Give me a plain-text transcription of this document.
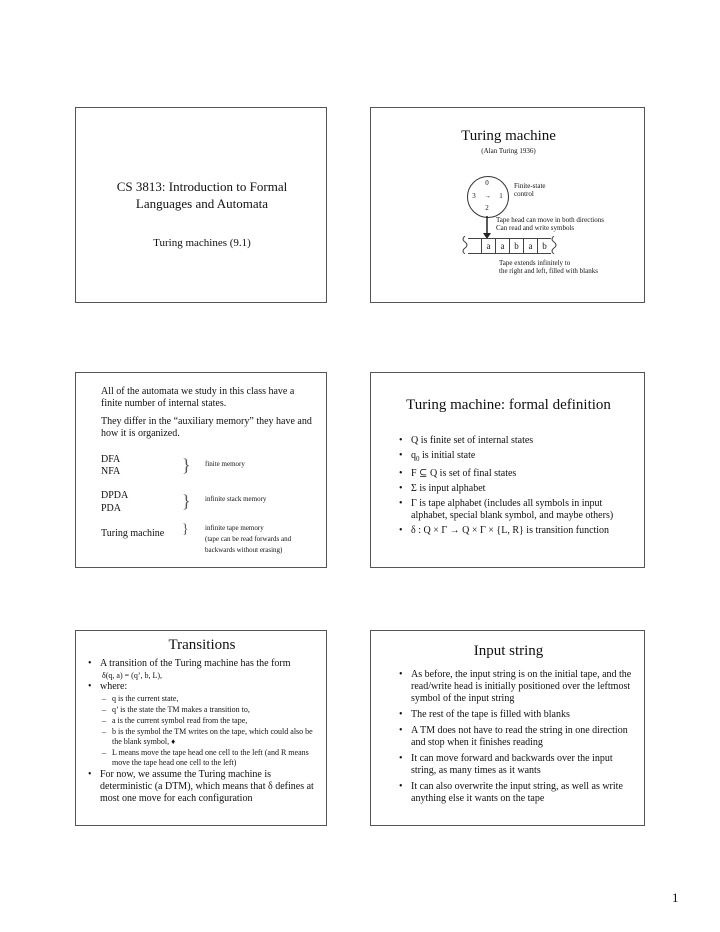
CS 3813: Introduction to Formal Languages and Automata
Turing machines (9.1)
Turing machine
(Alan Turing 1936)
0
1
2
3	→
Finite-state
control
Tape head can move in both directions
Can read and write symbols
a	a	b	a	b
Tape extends infinitely to
the right and left, filled with blanks
All of the automata we study in this class have a finite number of internal states.
They differ in the “auxiliary memory” they have and how it is organized.
DFA
NFA	} finite memory
DPDA
PDA	} infinite stack memory
Turing machine } infinite tape memory
(tape can be read forwards and
backwards without erasing)
Turing machine: formal definition
• Q is finite set of internal states
• $q_0$ is initial state
• F ⊆ Q is set of final states
• Σ is input alphabet
• Γ is tape alphabet (includes all symbols in input alphabet, special blank symbol, and maybe others)
• δ : Q × Γ → Q × Γ × {L, R} is transition function
Transitions
• A transition of the Turing machine has the form
δ(q, a) = (q’, b, L),
• where:
– q is the current state,
– q’ is the state the TM makes a transition to,
– a is the current symbol read from the tape,
– b is the symbol the TM writes on the tape, which could also be the blank symbol, ♦
– L means move the tape head one cell to the left (and R means move the tape head one cell to the left)
• For now, we assume the Turing machine is deterministic (a DTM), which means that δ defines at most one move for each configuration
Input string
• As before, the input string is on the initial tape, and the read/write head is initially positioned over the leftmost symbol of the input string
• The rest of the tape is filled with blanks
• A TM does not have to read the string in one direction and stop when it finishes reading
• It can move forward and backwards over the input string, as many times as it wants
• It can also overwrite the input string, as well as write anything else it wants on the tape
1
